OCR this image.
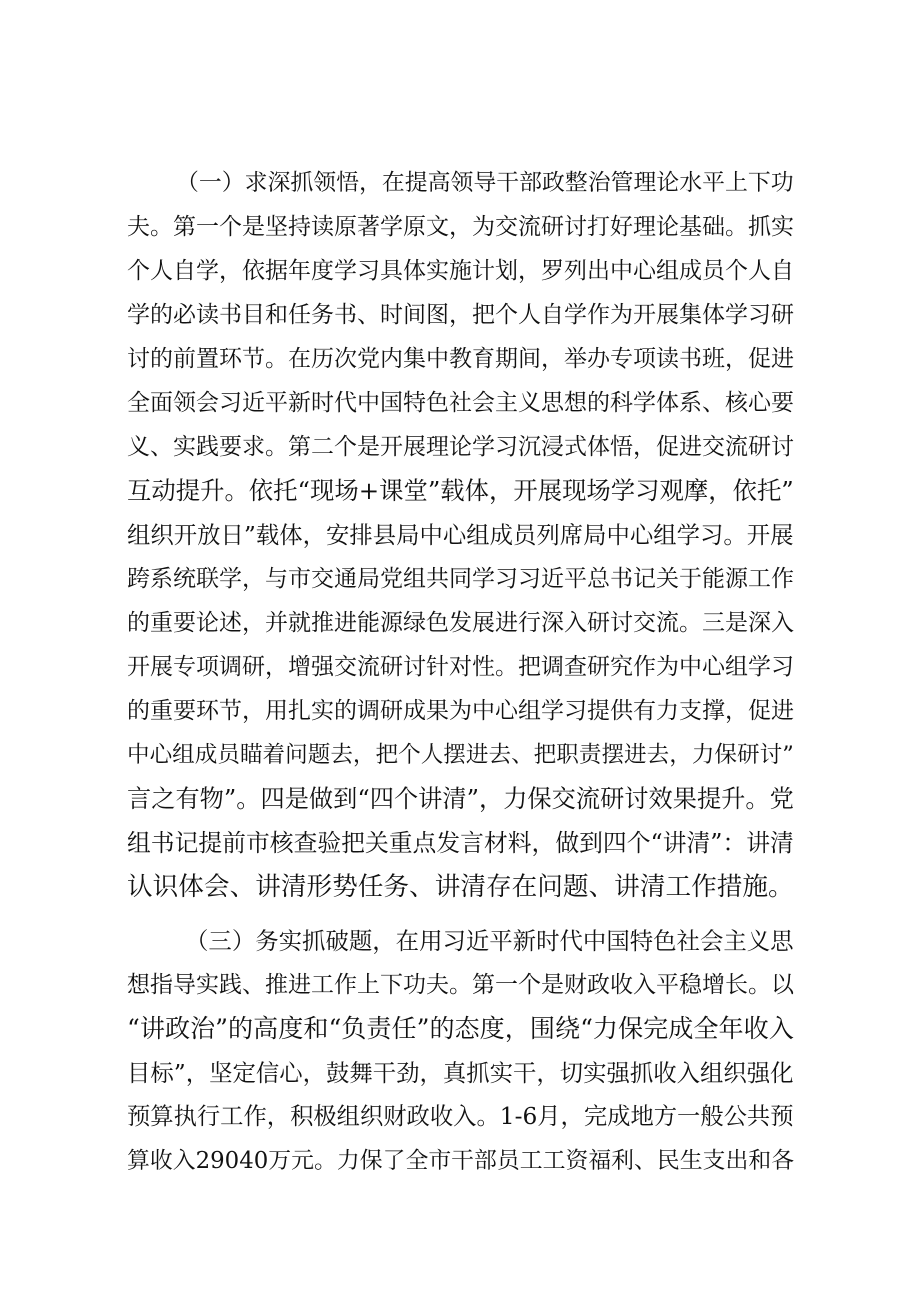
（一）求深抓领悟，在提高领导干部政整治管理论水平上下功
夫。第一个是坚持读原著学原文，为交流研讨打好理论基础。抓实
个人自学，依据年度学习具体实施计划，罗列出中心组成员个人自
学的必读书目和任务书、时间图，把个人自学作为开展集体学习研
讨的前置环节。在历次党内集中教育期间，举办专项读书班，促进
全面领会习近平新时代中国特色社会主义思想的科学体系、核心要
义、实践要求。第二个是开展理论学习沉浸式体悟，促进交流研讨
互动提升。依托“现场+课堂”载体，开展现场学习观摩，依托”
组织开放日”载体，安排县局中心组成员列席局中心组学习。开展
跨系统联学，与市交通局党组共同学习习近平总书记关于能源工作
的重要论述，并就推进能源绿色发展进行深入研讨交流。三是深入
开展专项调研，增强交流研讨针对性。把调查研究作为中心组学习
的重要环节，用扎实的调研成果为中心组学习提供有力支撑，促进
中心组成员瞄着问题去，把个人摆进去、把职责摆进去，力保研讨”
言之有物”。四是做到“四个讲清”，力保交流研讨效果提升。党
组书记提前市核查验把关重点发言材料，做到四个“讲清”：讲清
认识体会、讲清形势任务、讲清存在问题、讲清工作措施。
（三）务实抓破题，在用习近平新时代中国特色社会主义思
想指导实践、推进工作上下功夫。第一个是财政收入平稳增长。以
“讲政治”的高度和“负责任”的态度，围绕“力保完成全年收入
目标”，坚定信心，鼓舞干劲，真抓实干，切实强抓收入组织强化
预算执行工作，积极组织财政收入。1-6月，完成地方一般公共预
算收入29040万元。力保了全市干部员工工资福利、民生支出和各
